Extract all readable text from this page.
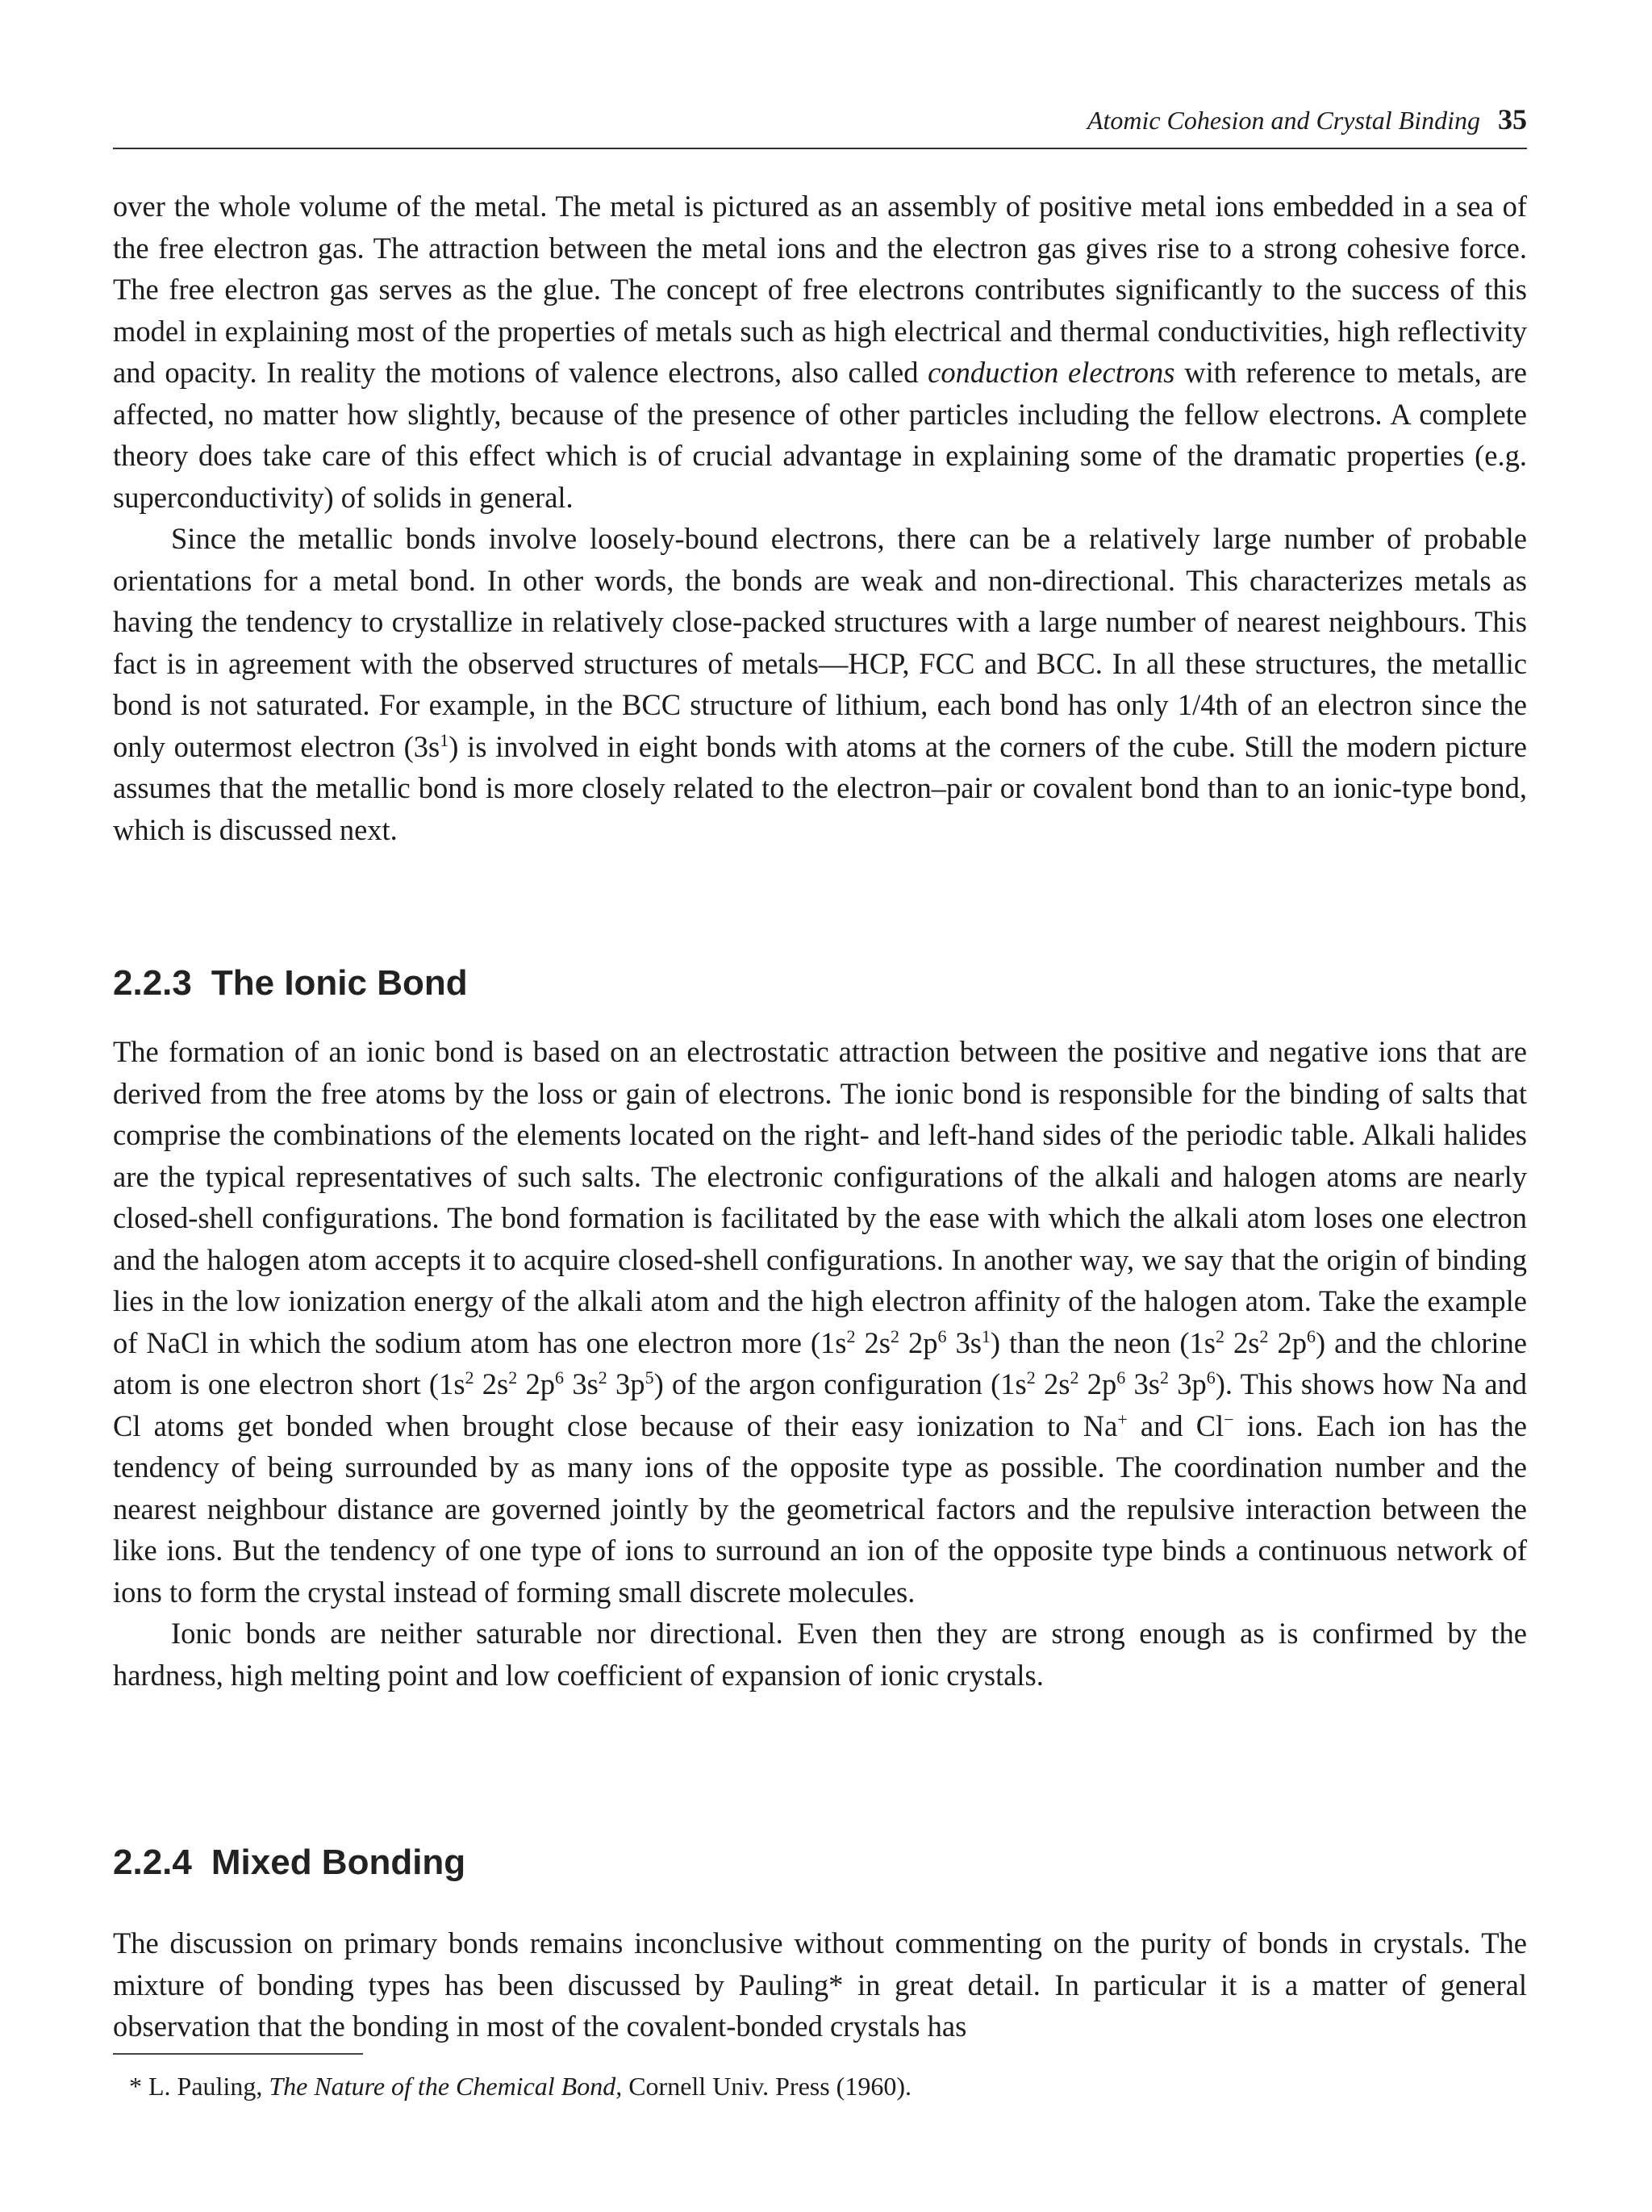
Atomic Cohesion and Crystal Binding 35

over the whole volume of the metal. The metal is pictured as an assembly of positive metal ions embedded in a sea of the free electron gas. The attraction between the metal ions and the electron gas gives rise to a strong cohesive force. The free electron gas serves as the glue. The concept of free electrons contributes significantly to the success of this model in explaining most of the properties of metals such as high electrical and thermal conductivities, high reflectivity and opacity. In reality the motions of valence electrons, also called conduction electrons with reference to metals, are affected, no matter how slightly, because of the presence of other particles including the fellow electrons. A complete theory does take care of this effect which is of crucial advantage in explaining some of the dramatic properties (e.g. superconductivity) of solids in general.

Since the metallic bonds involve loosely-bound electrons, there can be a relatively large number of probable orientations for a metal bond. In other words, the bonds are weak and non-directional. This characterizes metals as having the tendency to crystallize in relatively close-packed structures with a large number of nearest neighbours. This fact is in agreement with the observed structures of metals—HCP, FCC and BCC. In all these structures, the metallic bond is not saturated. For example, in the BCC structure of lithium, each bond has only 1/4th of an electron since the only outermost electron $(3s^1)$ is involved in eight bonds with atoms at the corners of the cube. Still the modern picture assumes that the metallic bond is more closely related to the electron–pair or covalent bond than to an ionic-type bond, which is discussed next.

2.2.3 The Ionic Bond

The formation of an ionic bond is based on an electrostatic attraction between the positive and negative ions that are derived from the free atoms by the loss or gain of electrons. The ionic bond is responsible for the binding of salts that comprise the combinations of the elements located on the right- and left-hand sides of the periodic table. Alkali halides are the typical representatives of such salts. The electronic configurations of the alkali and halogen atoms are nearly closed-shell configurations. The bond formation is facilitated by the ease with which the alkali atom loses one electron and the halogen atom accepts it to acquire closed-shell configurations. In another way, we say that the origin of binding lies in the low ionization energy of the alkali atom and the high electron affinity of the halogen atom. Take the example of NaCl in which the sodium atom has one electron more ($1s^2$ $2s^2$ $2p^6$ $3s^1$) than the neon ($1s^2$ $2s^2$ $2p^6$) and the chlorine atom is one electron short ($1s^2$ $2s^2$ $2p^6$ $3s^2$ $3p^5$) of the argon configuration ($1s^2$ $2s^2$ $2p^6$ $3s^2$ $3p^6$). This shows how Na and Cl atoms get bonded when brought close because of their easy ionization to Na+ and Cl− ions. Each ion has the tendency of being surrounded by as many ions of the opposite type as possible. The coordination number and the nearest neighbour distance are governed jointly by the geometrical factors and the repulsive interaction between the like ions. But the tendency of one type of ions to surround an ion of the opposite type binds a continuous network of ions to form the crystal instead of forming small discrete molecules.

Ionic bonds are neither saturable nor directional. Even then they are strong enough as is confirmed by the hardness, high melting point and low coefficient of expansion of ionic crystals.

2.2.4 Mixed Bonding

The discussion on primary bonds remains inconclusive without commenting on the purity of bonds in crystals. The mixture of bonding types has been discussed by Pauling* in great detail. In particular it is a matter of general observation that the bonding in most of the covalent-bonded crystals has

* L. Pauling, The Nature of the Chemical Bond, Cornell Univ. Press (1960).
